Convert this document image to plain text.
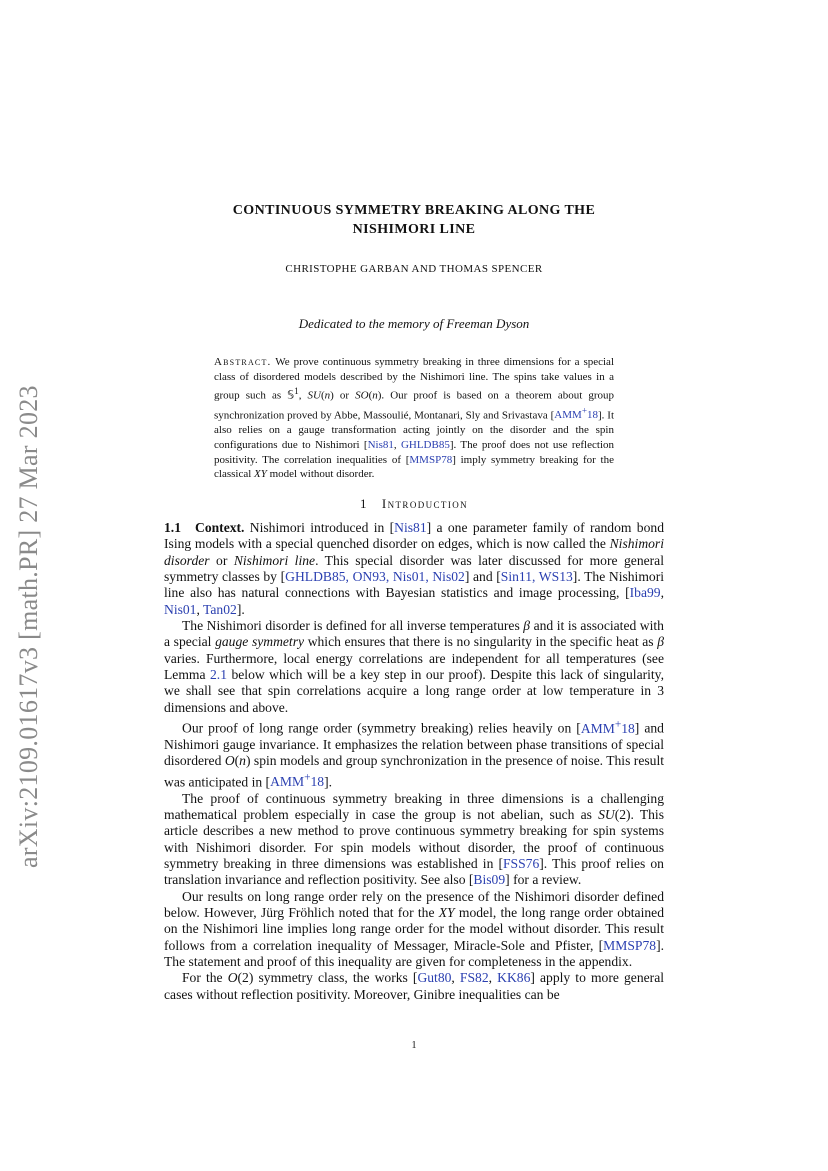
arXiv:2109.01617v3 [math.PR] 27 Mar 2023
CONTINUOUS SYMMETRY BREAKING ALONG THE
NISHIMORI LINE
CHRISTOPHE GARBAN AND THOMAS SPENCER
Dedicated to the memory of Freeman Dyson

Abstract. We prove continuous symmetry breaking in three dimensions for a special class of disordered models described by the Nishimori line. The spins take values in a group such as 𝕊$^1$, SU(n) or SO(n). Our proof is based on a theorem about group synchronization proved by Abbe, Massoulié, Montanari, Sly and Srivastava [AMM+18]. It also relies on a gauge transformation acting jointly on the disorder and the spin configurations due to Nishimori [Nis81, GHLDB85]. The proof does not use reflection positivity. The correlation inequalities of [MMSP78] imply symmetry breaking for the classical XY model without disorder.

1 Introduction

1.1 Context. Nishimori introduced in [Nis81] a one parameter family of random bond Ising models with a special quenched disorder on edges, which is now called the Nishimori disorder or Nishimori line. This special disorder was later discussed for more general symmetry classes by [GHLDB85, ON93, Nis01, Nis02] and [Sin11, WS13]. The Nishimori line also has natural connections with Bayesian statistics and image processing, [Iba99, Nis01, Tan02].

The Nishimori disorder is defined for all inverse temperatures β and it is associated with a special gauge symmetry which ensures that there is no singularity in the specific heat as β varies. Furthermore, local energy correlations are independent for all temperatures (see Lemma 2.1 below which will be a key step in our proof). Despite this lack of singularity, we shall see that spin correlations acquire a long range order at low temperature in 3 dimensions and above.

Our proof of long range order (symmetry breaking) relies heavily on [AMM+18] and Nishimori gauge invariance. It emphasizes the relation between phase transitions of special disordered O(n) spin models and group synchronization in the presence of noise. This result was anticipated in [AMM+18].

The proof of continuous symmetry breaking in three dimensions is a challenging mathematical problem especially in case the group is not abelian, such as SU(2). This article describes a new method to prove continuous symmetry breaking for spin systems with Nishimori disorder. For spin models without disorder, the proof of continuous symmetry breaking in three dimensions was established in [FSS76]. This proof relies on translation invariance and reflection positivity. See also [Bis09] for a review.

Our results on long range order rely on the presence of the Nishimori disorder defined below. However, Jürg Fröhlich noted that for the XY model, the long range order obtained on the Nishimori line implies long range order for the model without disorder. This result follows from a correlation inequality of Messager, Miracle-Sole and Pfister, [MMSP78]. The statement and proof of this inequality are given for completeness in the appendix.

For the O(2) symmetry class, the works [Gut80, FS82, KK86] apply to more general cases without reflection positivity. Moreover, Ginibre inequalities can be

1
